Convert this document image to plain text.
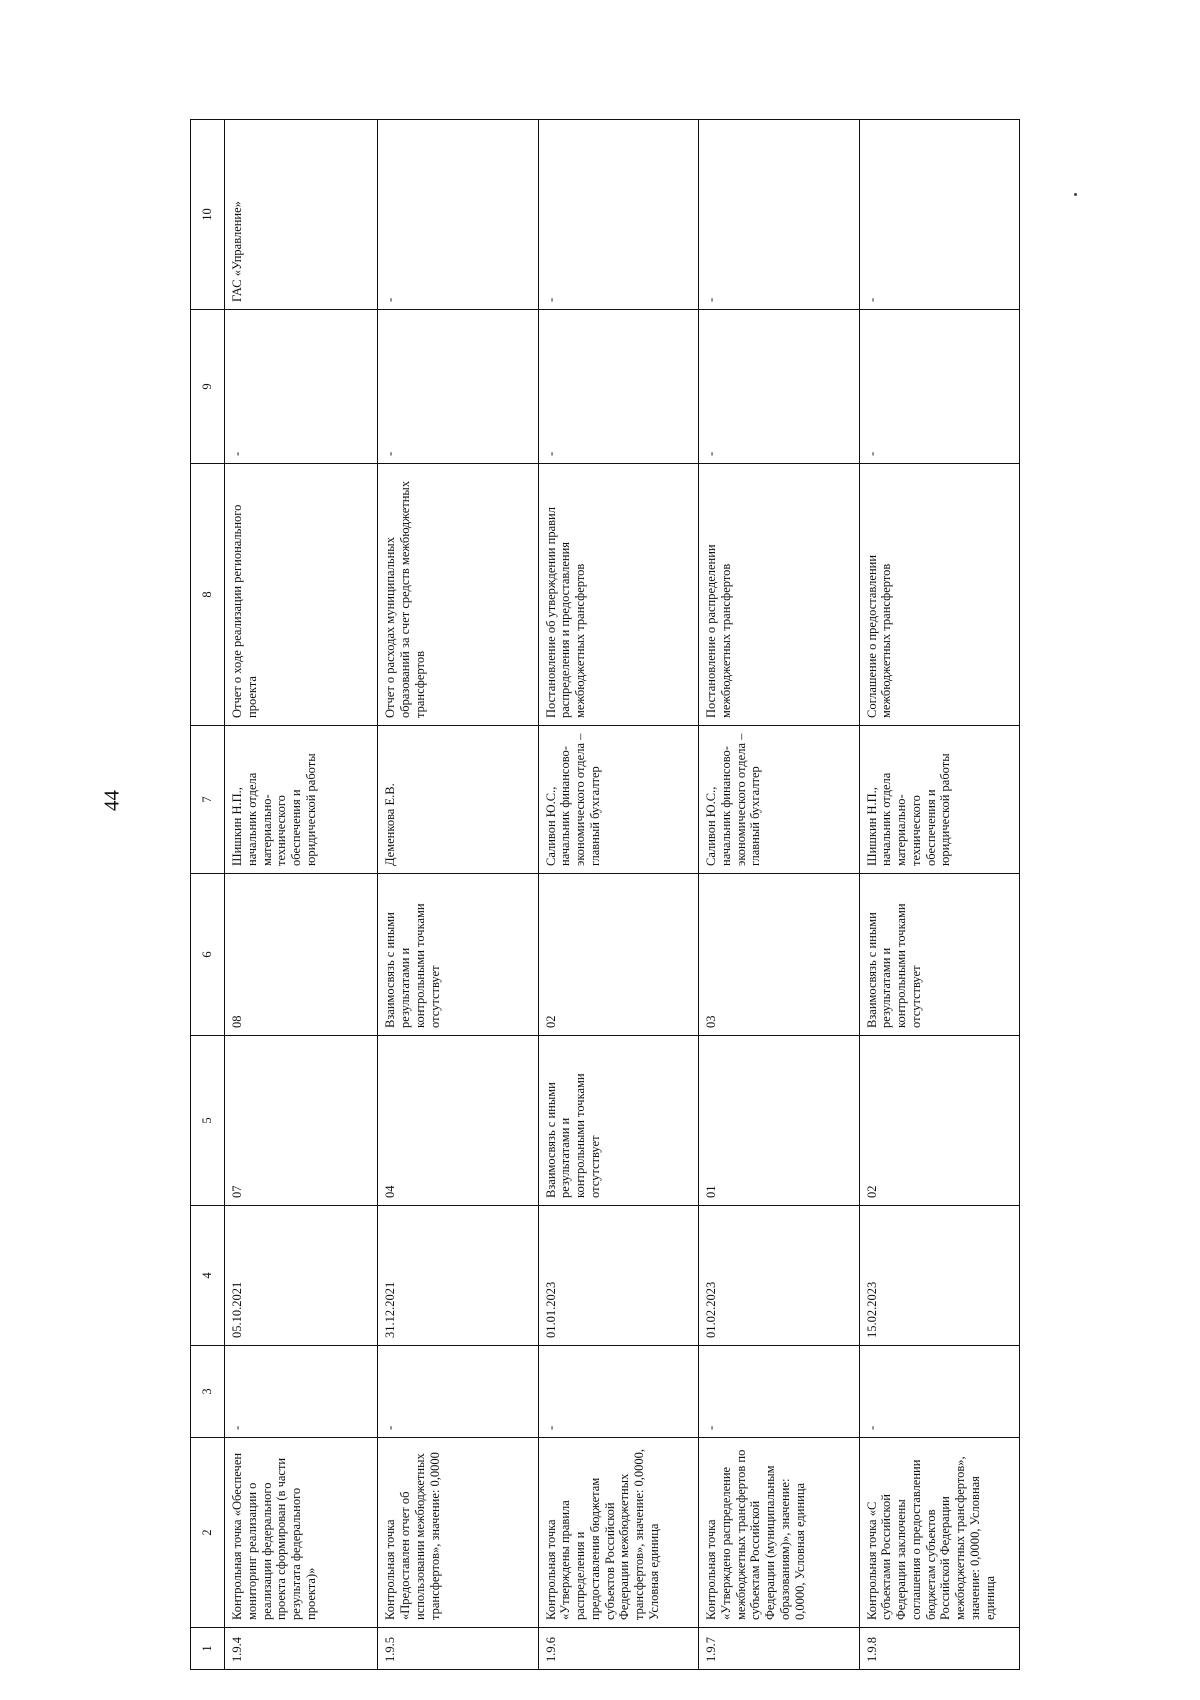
44
1	2	3	4	5	6	7	8	9	10
1.9.4	Контрольная точка «Обеспечен мониторинг реализации о реализации федерального проекта сформирован (в части результата федерального проекта)»	-	05.10.2021	07	08	Шишкин Н.П., начальник отдела материально-технического обеспечения и юридической работы	Отчет о ходе реализации регионального проекта	-	ГАС «Управление»
1.9.5	Контрольная точка «Предоставлен отчет об использовании межбюджетных трансфертов», значение: 0,0000	-	31.12.2021	04	Взаимосвязь с иными результатами и контрольными точками отсутствует	Деменкова Е.В.	Отчет о расходах муниципальных образований за счет средств межбюджетных трансфертов	-	-
1.9.6	Контрольная точка «Утверждены правила распределения и предоставления бюджетам субъектов Российской Федерации межбюджетных трансфертов», значение: 0,0000, Условная единица	-	01.01.2023	Взаимосвязь с иными результатами и контрольными точками отсутствует	02	Саливон Ю.С., начальник финансово-экономического отдела – главный бухгалтер	Постановление об утверждении правил распределения и предоставления межбюджетных трансфертов	-	-
1.9.7	Контрольная точка «Утверждено распределение межбюджетных трансфертов по субъектам Российской Федерации (муниципальным образованиям)», значение: 0,0000, Условная единица	-	01.02.2023	01	03	Саливон Ю.С., начальник финансово-экономического отдела – главный бухгалтер	Постановление о распределении межбюджетных трансфертов	-	-
1.9.8	Контрольная точка «С субъектами Российской Федерации заключены соглашения о предоставлении бюджетам субъектов Российской Федерации межбюджетных трансфертов», значение: 0,0000, Условная единица	-	15.02.2023	02	Взаимосвязь с иными результатами и контрольными точками отсутствует	Шишкин Н.П., начальник отдела материально-технического обеспечения и юридической работы	Соглашение о предоставлении межбюджетных трансфертов	-	-
